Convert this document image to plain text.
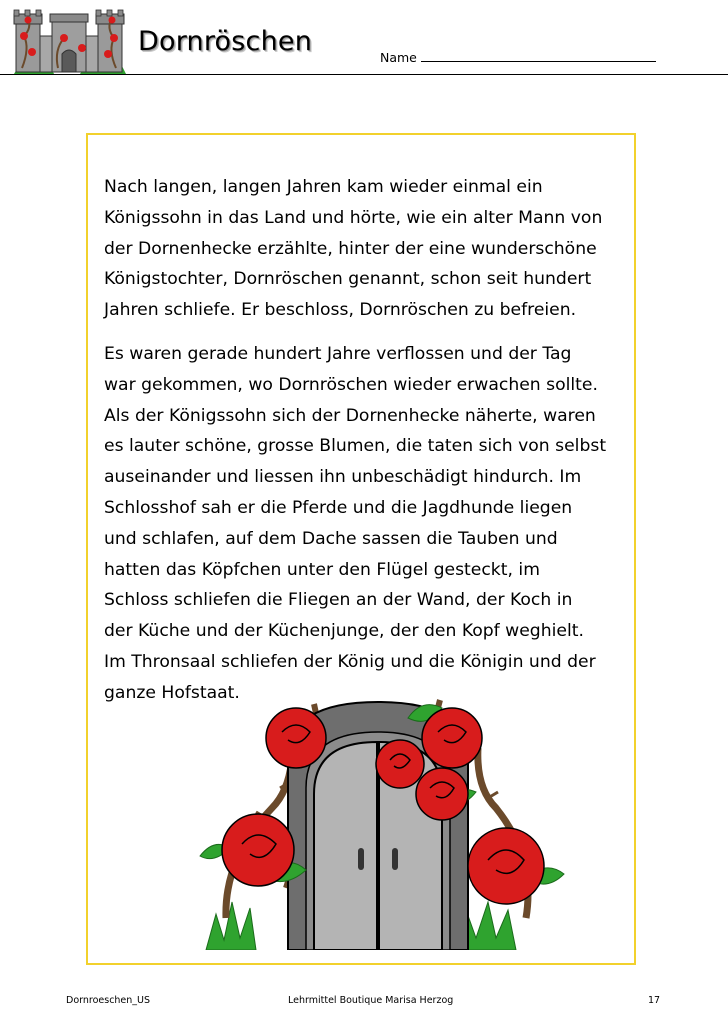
Dornröschen
Name

Nach langen, langen Jahren kam wieder einmal ein
Königssohn in das Land und hörte, wie ein alter Mann von
der Dornenhecke erzählte, hinter der eine wunderschöne
Königstochter, Dornröschen genannt, schon seit hundert
Jahren schliefe. Er beschloss, Dornröschen zu befreien.

Es waren gerade hundert Jahre verflossen und der Tag
war gekommen, wo Dornröschen wieder erwachen sollte.
Als der Königssohn sich der Dornenhecke näherte, waren
es lauter schöne, grosse Blumen, die taten sich von selbst
auseinander und liessen ihn unbeschädigt hindurch. Im
Schlosshof sah er die Pferde und die Jagdhunde liegen
und schlafen, auf dem Dache sassen die Tauben und
hatten das Köpfchen unter den Flügel gesteckt, im
Schloss schliefen die Fliegen an der Wand, der Koch in
der Küche und der Küchenjunge, der den Kopf weghielt.
Im Thronsaal schliefen der König und die Königin und der
ganze Hofstaat.

Dornroeschen_US	Lehrmittel Boutique Marisa Herzog	17
